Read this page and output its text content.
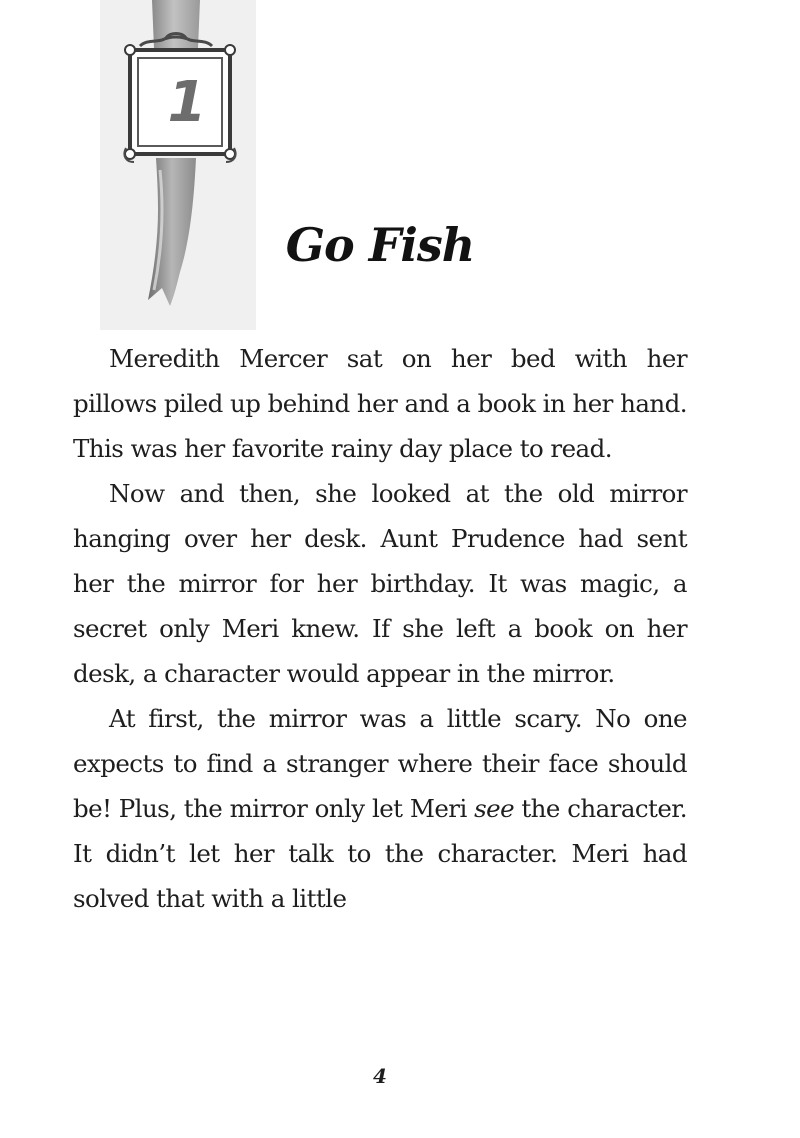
1
Go Fish

Meredith Mercer sat on her bed with her pillows piled up behind her and a book in her hand. This was her favorite rainy day place to read.

Now and then, she looked at the old mirror hanging over her desk. Aunt Prudence had sent her the mirror for her birthday. It was magic, a secret only Meri knew. If she left a book on her desk, a character would appear in the mirror.

At first, the mirror was a little scary. No one expects to find a stranger where their face should be! Plus, the mirror only let Meri see the character. It didn’t let her talk to the character. Meri had solved that with a little

4
